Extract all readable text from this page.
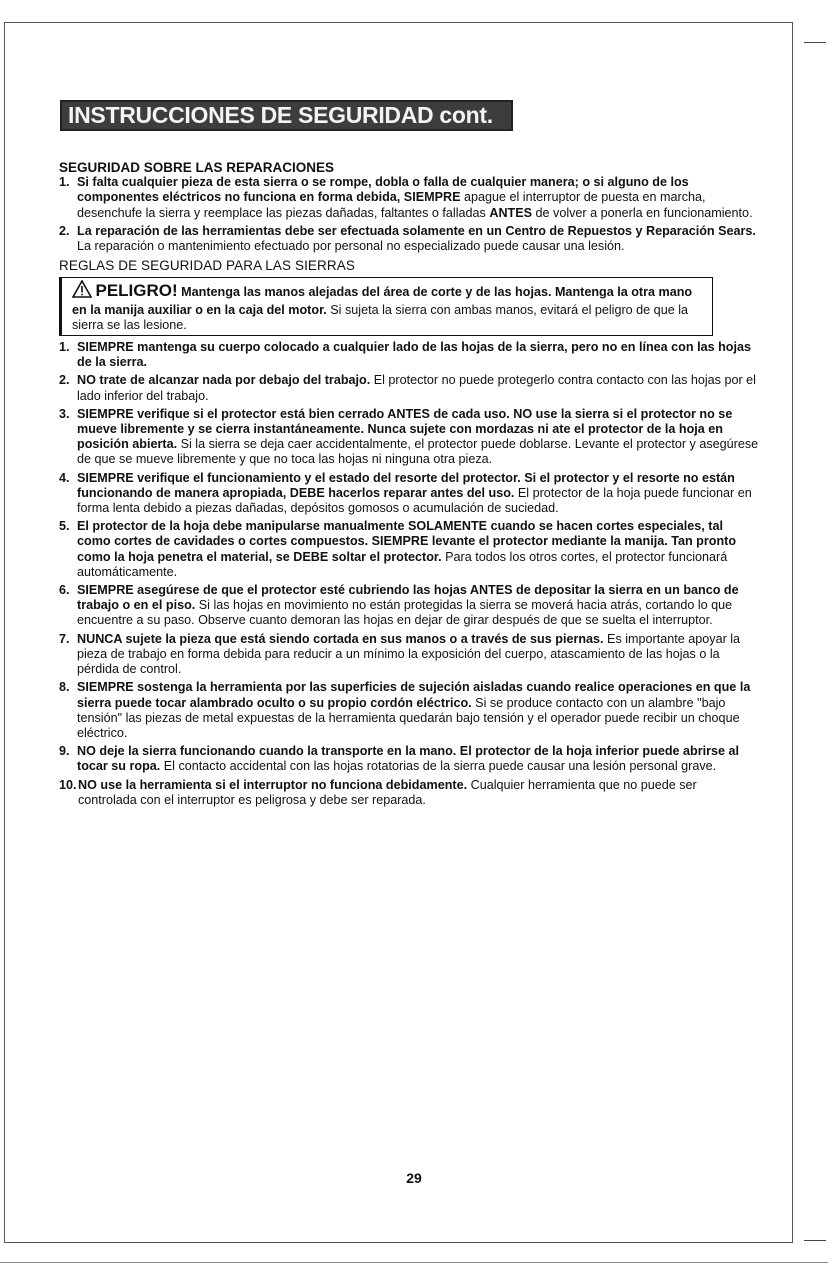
INSTRUCCIONES DE SEGURIDAD cont.

SEGURIDAD SOBRE LAS REPARACIONES

1. Si falta cualquier pieza de esta sierra o se rompe, dobla o falla de cualquier manera; o si alguno de los componentes eléctricos no funciona en forma debida, SIEMPRE apague el interruptor de puesta en marcha, desenchufe la sierra y reemplace las piezas dañadas, faltantes o falladas ANTES de volver a ponerla en funcionamiento.
2. La reparación de las herramientas debe ser efectuada solamente en un Centro de Repuestos y Reparación Sears. La reparación o mantenimiento efectuado por personal no especializado puede causar una lesión.

REGLAS DE SEGURIDAD PARA LAS SIERRAS

PELIGRO! Mantenga las manos alejadas del área de corte y de las hojas. Mantenga la otra mano en la manija auxiliar o en la caja del motor. Si sujeta la sierra con ambas manos, evitará el peligro de que la sierra se las lesione.
1. SIEMPRE mantenga su cuerpo colocado a cualquier lado de las hojas de la sierra, pero no en línea con las hojas de la sierra.
2. NO trate de alcanzar nada por debajo del trabajo. El protector no puede protegerlo contra contacto con las hojas por el lado inferior del trabajo.
3. SIEMPRE verifique si el protector está bien cerrado ANTES de cada uso. NO use la sierra si el protector no se mueve libremente y se cierra instantáneamente. Nunca sujete con mordazas ni ate el protector de la hoja en posición abierta. Si la sierra se deja caer accidentalmente, el protector puede doblarse. Levante el protector y asegúrese de que se mueve libremente y que no toca las hojas ni ninguna otra pieza.
4. SIEMPRE verifique el funcionamiento y el estado del resorte del protector. Si el protector y el resorte no están funcionando de manera apropiada, DEBE hacerlos reparar antes del uso. El protector de la hoja puede funcionar en forma lenta debido a piezas dañadas, depósitos gomosos o acumulación de suciedad.
5. El protector de la hoja debe manipularse manualmente SOLAMENTE cuando se hacen cortes especiales, tal como cortes de cavidades o cortes compuestos. SIEMPRE levante el protector mediante la manija. Tan pronto como la hoja penetra el material, se DEBE soltar el protector. Para todos los otros cortes, el protector funcionará automáticamente.
6. SIEMPRE asegúrese de que el protector esté cubriendo las hojas ANTES de depositar la sierra en un banco de trabajo o en el piso. Si las hojas en movimiento no están protegidas la sierra se moverá hacia atrás, cortando lo que encuentre a su paso. Observe cuanto demoran las hojas en dejar de girar después de que se suelta el interruptor.
7. NUNCA sujete la pieza que está siendo cortada en sus manos o a través de sus piernas. Es importante apoyar la pieza de trabajo en forma debida para reducir a un mínimo la exposición del cuerpo, atascamiento de las hojas o la pérdida de control.
8. SIEMPRE sostenga la herramienta por las superficies de sujeción aisladas cuando realice operaciones en que la sierra puede tocar alambrado oculto o su propio cordón eléctrico. Si se produce contacto con un alambre "bajo tensión" las piezas de metal expuestas de la herramienta quedarán bajo tensión y el operador puede recibir un choque eléctrico.
9. NO deje la sierra funcionando cuando la transporte en la mano. El protector de la hoja inferior puede abrirse al tocar su ropa. El contacto accidental con las hojas rotatorias de la sierra puede causar una lesión personal grave.
10. NO use la herramienta si el interruptor no funciona debidamente. Cualquier herramienta que no puede ser controlada con el interruptor es peligrosa y debe ser reparada.
29
